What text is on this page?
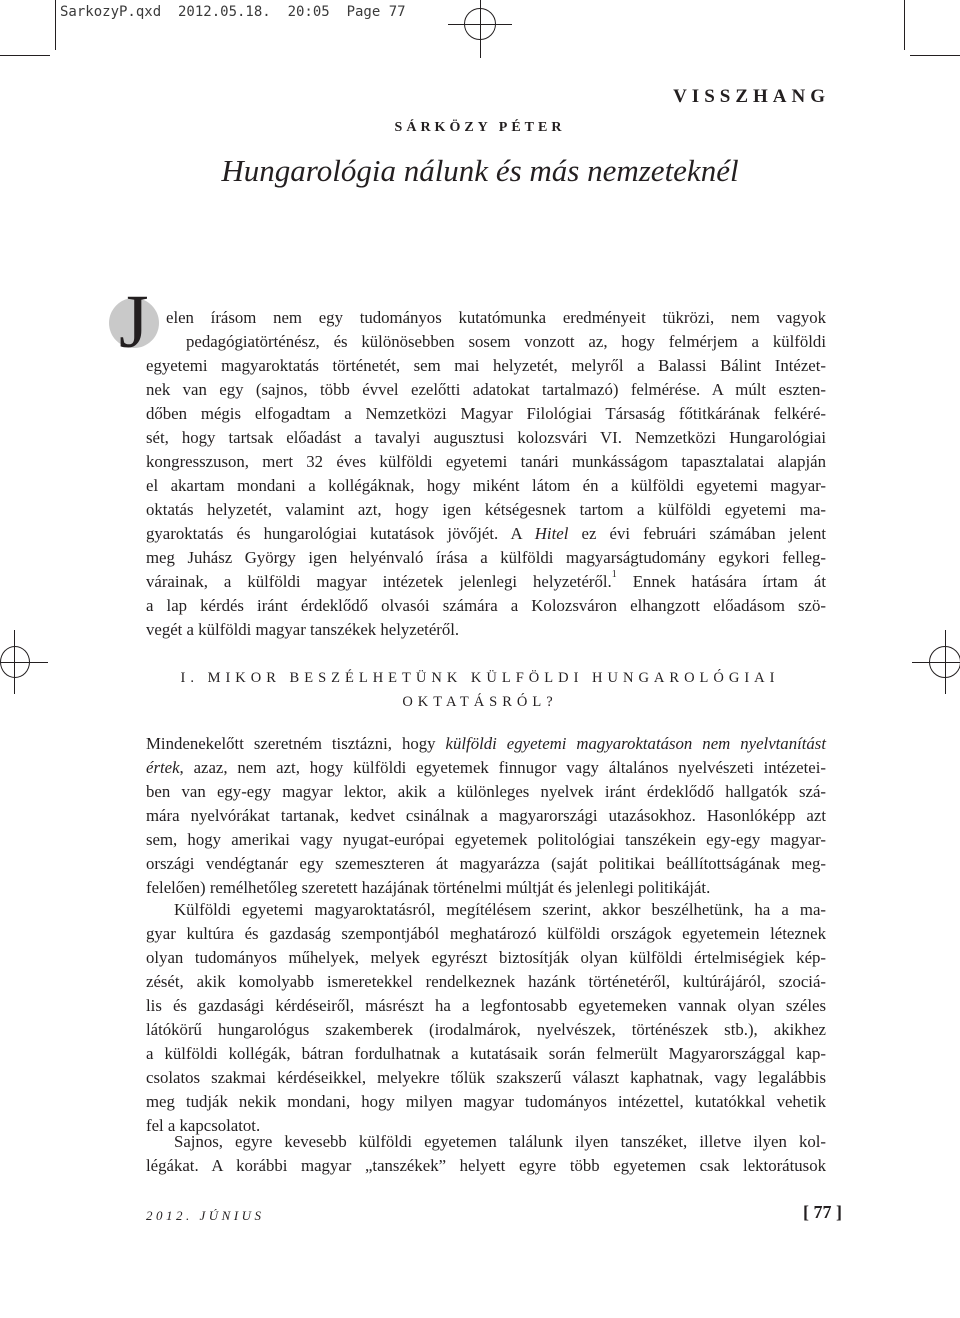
SarkozyP.qxd  2012.05.18.  20:05  Page 77
VISSZHANG
SÁRKÖZY PÉTER
Hungarológia nálunk és más nemzeteknél
J elen írásom nem egy tudományos kutatómunka eredményeit tükrözi, nem vagyok
pedagógiatörténész, és különösebben sosem vonzott az, hogy felmérjem a külföldi
egyetemi magyaroktatás történetét, sem mai helyzetét, melyről a Balassi Bálint Intézet-
nek van egy (sajnos, több évvel ezelőtti adatokat tartalmazó) felmérése. A múlt eszten-
dőben mégis elfogadtam a Nemzetközi Magyar Filológiai Társaság főtitkárának felkéré-
sét, hogy tartsak előadást a tavalyi augusztusi kolozsvári VI. Nemzetközi Hungarológiai
kongresszuson, mert 32 éves külföldi egyetemi tanári munkásságom tapasztalatai alapján
el akartam mondani a kollégáknak, hogy miként látom én a külföldi egyetemi magyar-
oktatás helyzetét, valamint azt, hogy igen kétségesnek tartom a külföldi egyetemi ma-
gyaroktatás és hungarológiai kutatások jövőjét. A Hitel ez évi februári számában jelent
meg Juhász György igen helyénvaló írása a külföldi magyarságtudomány egykori felleg-
várainak, a külföldi magyar intézetek jelenlegi helyzetéről.$^1$ Ennek hatására írtam át
a lap kérdés iránt érdeklődő olvasói számára a Kolozsváron elhangzott előadásom szö-
vegét a külföldi magyar tanszékek helyzetéről.
I. MIKOR BESZÉLHETÜNK KÜLFÖLDI HUNGAROLÓGIAI
OKTATÁSRÓL?
Mindenekelőtt szeretném tisztázni, hogy külföldi egyetemi magyaroktatáson nem nyelvtanítást
értek, azaz, nem azt, hogy külföldi egyetemek finnugor vagy általános nyelvészeti intézetei-
ben van egy-egy magyar lektor, akik a különleges nyelvek iránt érdeklődő hallgatók szá-
mára nyelvórákat tartanak, kedvet csinálnak a magyarországi utazásokhoz. Hasonlóképp azt
sem, hogy amerikai vagy nyugat-európai egyetemek politológiai tanszékein egy-egy magyar-
országi vendégtanár egy szemeszteren át magyarázza (saját politikai beállítottságának meg-
felelően) remélhetőleg szeretett hazájának történelmi múltját és jelenlegi politikáját.
Külföldi egyetemi magyaroktatásról, megítélésem szerint, akkor beszélhetünk, ha a ma-
gyar kultúra és gazdaság szempontjából meghatározó külföldi országok egyetemein léteznek
olyan tudományos műhelyek, melyek egyrészt biztosítják olyan külföldi értelmiségiek kép-
zését, akik komolyabb ismeretekkel rendelkeznek hazánk történetéről, kultúrájáról, szociá-
lis és gazdasági kérdéseiről, másrészt ha a legfontosabb egyetemeken vannak olyan széles
látókörű hungarológus szakemberek (irodalmárok, nyelvészek, történészek stb.), akikhez
a külföldi kollégák, bátran fordulhatnak a kutatásaik során felmerült Magyarországgal kap-
csolatos szakmai kérdéseikkel, melyekre tőlük szakszerű választ kaphatnak, vagy legalábbis
meg tudják nekik mondani, hogy milyen magyar tudományos intézettel, kutatókkal vehetik
fel a kapcsolatot.
Sajnos, egyre kevesebb külföldi egyetemen találunk ilyen tanszéket, illetve ilyen kol-
légákat. A korábbi magyar „tanszékek” helyett egyre több egyetemen csak lektorátusok
2012. JÚNIUS	[ 77 ]
